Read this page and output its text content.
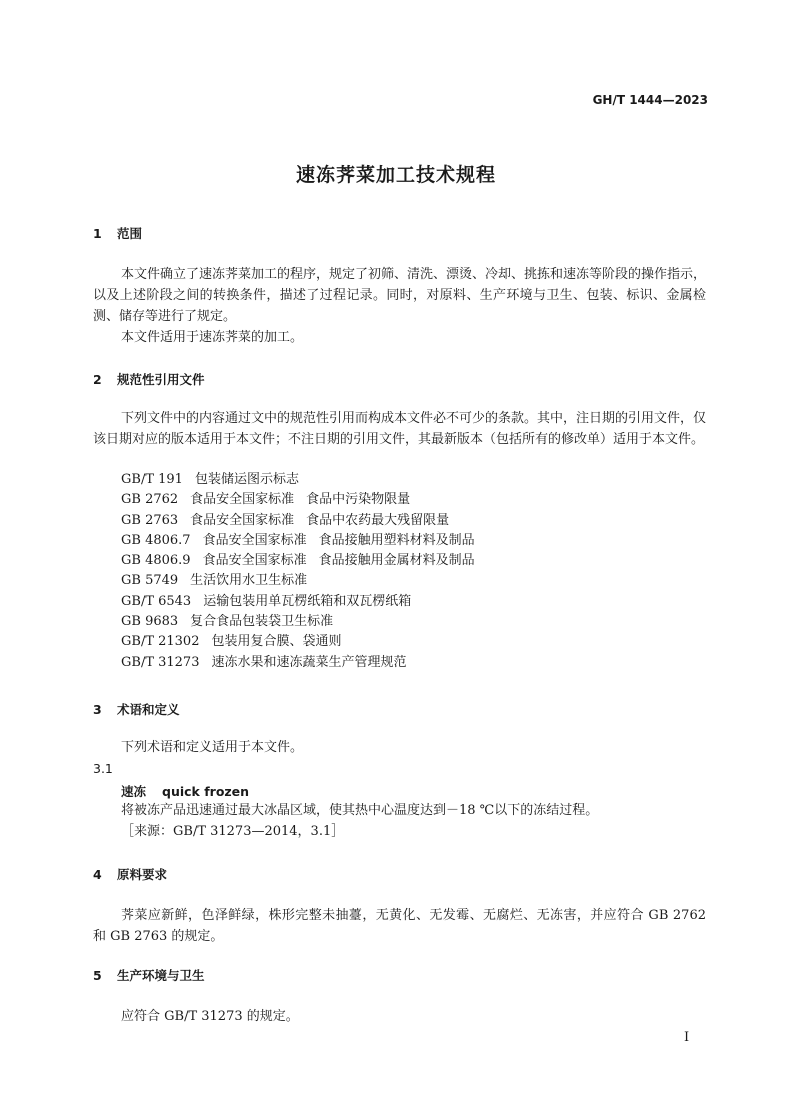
GH/T 1444—2023
速冻荠菜加工技术规程
1 范围
本文件确立了速冻荠菜加工的程序，规定了初筛、清洗、漂烫、冷却、挑拣和速冻等阶段的操作指示，以及上述阶段之间的转换条件，描述了过程记录。同时，对原料、生产环境与卫生、包装、标识、金属检测、储存等进行了规定。
本文件适用于速冻荠菜的加工。
2 规范性引用文件
下列文件中的内容通过文中的规范性引用而构成本文件必不可少的条款。其中，注日期的引用文件，仅该日期对应的版本适用于本文件；不注日期的引用文件，其最新版本（包括所有的修改单）适用于本文件。
GB/T 191 包装储运图示标志
GB 2762 食品安全国家标准 食品中污染物限量
GB 2763 食品安全国家标准 食品中农药最大残留限量
GB 4806.7 食品安全国家标准 食品接触用塑料材料及制品
GB 4806.9 食品安全国家标准 食品接触用金属材料及制品
GB 5749 生活饮用水卫生标准
GB/T 6543 运输包装用单瓦楞纸箱和双瓦楞纸箱
GB 9683 复合食品包装袋卫生标准
GB/T 21302 包装用复合膜、袋通则
GB/T 31273 速冻水果和速冻蔬菜生产管理规范
3 术语和定义
下列术语和定义适用于本文件。
3.1
速冻 quick frozen
将被冻产品迅速通过最大冰晶区域，使其热中心温度达到－18 ℃以下的冻结过程。
［来源：GB/T 31273—2014，3.1］
4 原料要求
荠菜应新鲜，色泽鲜绿，株形完整未抽薹，无黄化、无发霉、无腐烂、无冻害，并应符合 GB 2762 和 GB 2763 的规定。
5 生产环境与卫生
应符合 GB/T 31273 的规定。
I
